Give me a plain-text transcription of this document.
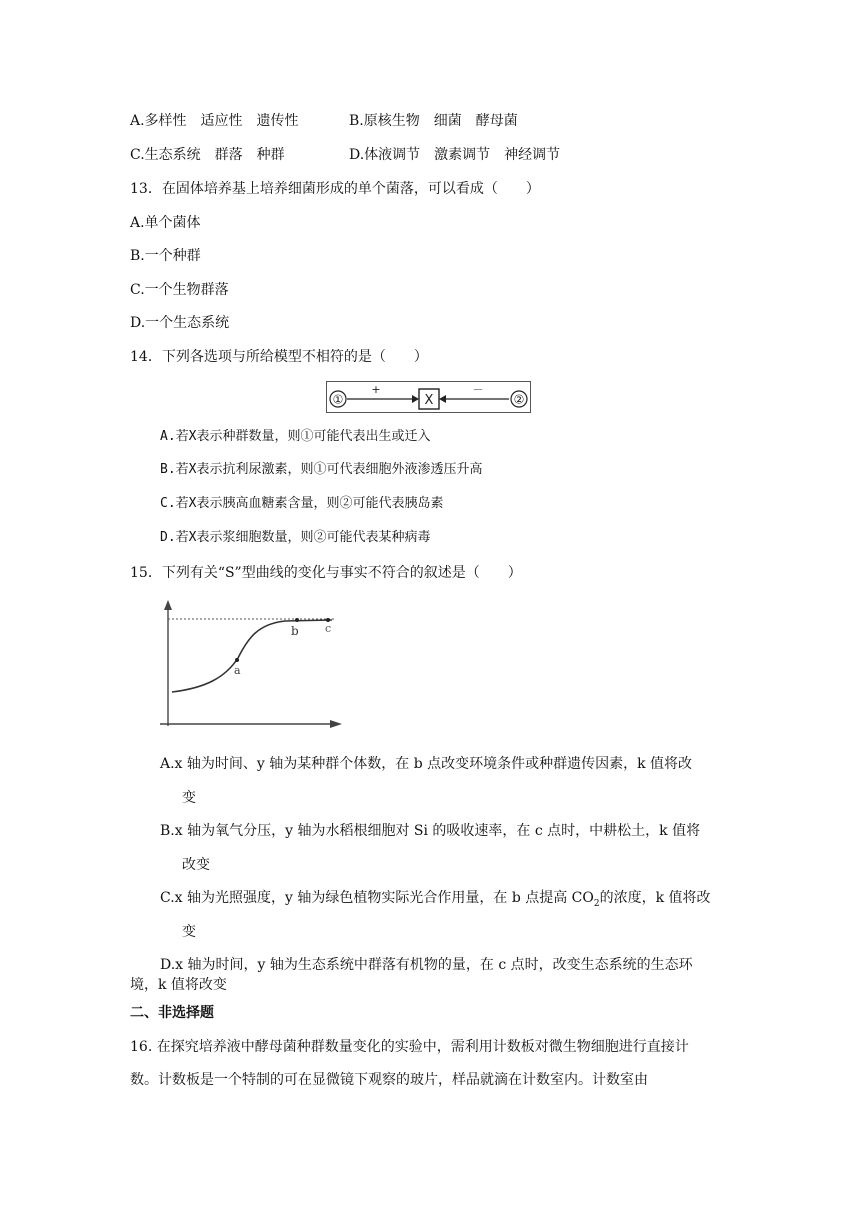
A.多样性　适应性　遗传性	B.原核生物　细菌　酵母菌
C.生态系统　群落　种群	D.体液调节　激素调节　神经调节
13．在固体培养基上培养细菌形成的单个菌落，可以看成（　　）
A.单个菌体
B.一个种群
C.一个生物群落
D.一个生态系统
14．下列各选项与所给模型不相符的是（　　）
①
+
X
－
②
A.若X表示种群数量，则①可能代表出生或迁入
B.若X表示抗利尿激素，则①可代表细胞外液渗透压升高
C.若X表示胰高血糖素含量，则②可能代表胰岛素
D.若X表示浆细胞数量，则②可能代表某种病毒
15．下列有关“S”型曲线的变化与事实不符合的叙述是（　　）
a
b c
A.x 轴为时间、y 轴为某种群个体数，在 b 点改变环境条件或种群遗传因素，k 值将改
变
B.x 轴为氧气分压，y 轴为水稻根细胞对 Si 的吸收速率，在 c 点时，中耕松土，k 值将
改变
C.x 轴为光照强度，y 轴为绿色植物实际光合作用量，在 b 点提高 $CO_2$的浓度，k 值将改
变
D.x 轴为时间，y 轴为生态系统中群落有机物的量，在 c 点时，改变生态系统的生态环
境，k 值将改变
二、非选择题
16. 在探究培养液中酵母菌种群数量变化的实验中，需利用计数板对微生物细胞进行直接计
数。计数板是一个特制的可在显微镜下观察的玻片，样品就滴在计数室内。计数室由
